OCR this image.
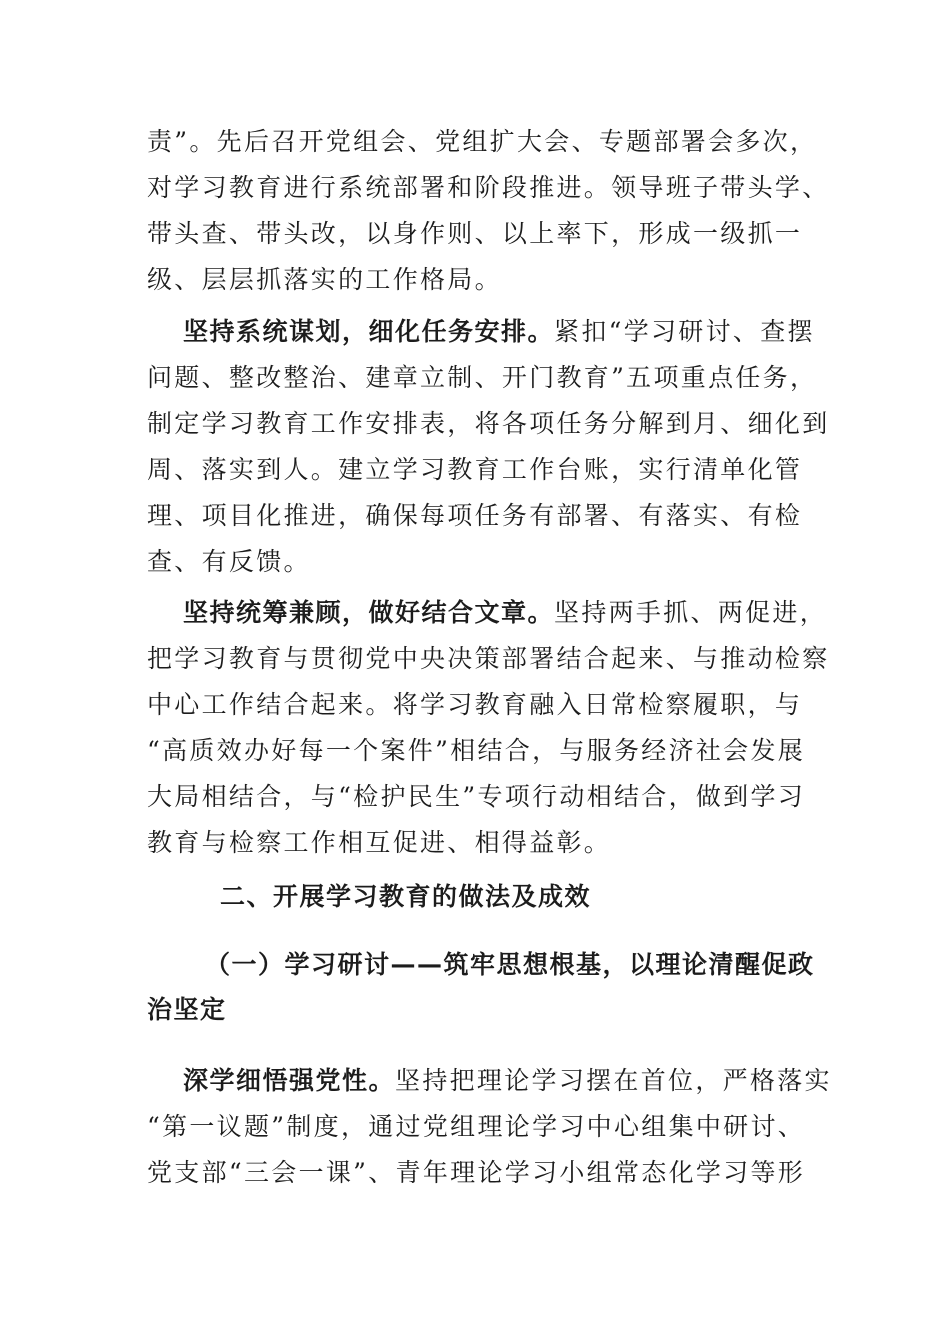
责”。先后召开党组会、党组扩大会、专题部署会多次，
对学习教育进行系统部署和阶段推进。领导班子带头学、
带头查、带头改，以身作则、以上率下，形成一级抓一
级、层层抓落实的工作格局。
坚持系统谋划，细化任务安排。紧扣“学习研讨、查摆
问题、整改整治、建章立制、开门教育”五项重点任务，
制定学习教育工作安排表，将各项任务分解到月、细化到
周、落实到人。建立学习教育工作台账，实行清单化管
理、项目化推进，确保每项任务有部署、有落实、有检
查、有反馈。
坚持统筹兼顾，做好结合文章。坚持两手抓、两促进，
把学习教育与贯彻党中央决策部署结合起来、与推动检察
中心工作结合起来。将学习教育融入日常检察履职，与
“高质效办好每一个案件”相结合，与服务经济社会发展
大局相结合，与“检护民生”专项行动相结合，做到学习
教育与检察工作相互促进、相得益彰。
二、开展学习教育的做法及成效
（一）学习研讨——筑牢思想根基，以理论清醒促政
治坚定
深学细悟强党性。坚持把理论学习摆在首位，严格落实
“第一议题”制度，通过党组理论学习中心组集中研讨、
党支部“三会一课”、青年理论学习小组常态化学习等形
